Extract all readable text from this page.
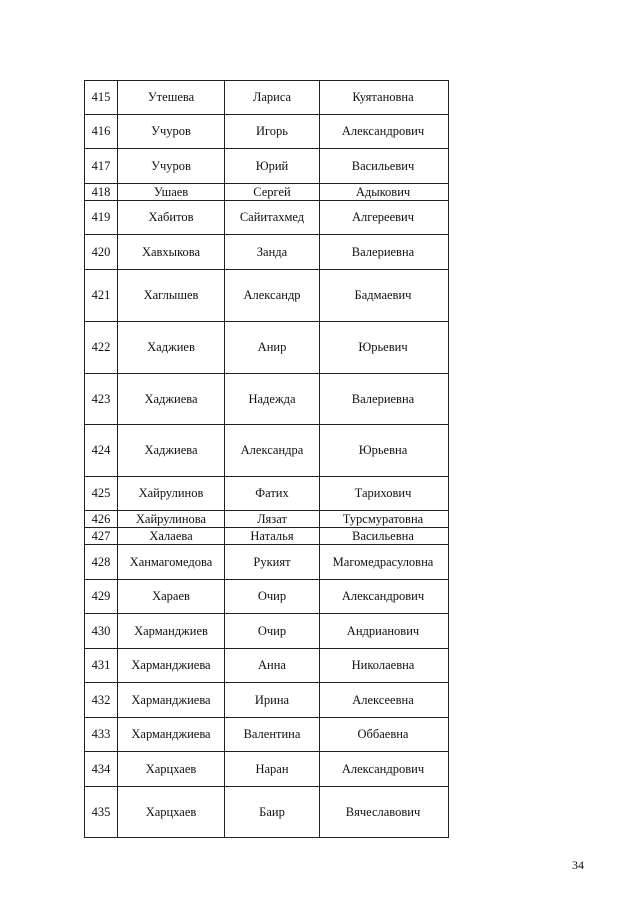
415	Утешева	Лариса	Куятановна
416	Учуров	Игорь	Александрович
417	Учуров	Юрий	Васильевич
418	Ушаев	Сергей	Адыкович
419	Хабитов	Сайитахмед	Алгереевич
420	Хавхыкова	Занда	Валериевна
421	Хаглышев	Александр	Бадмаевич
422	Хаджиев	Анир	Юрьевич
423	Хаджиева	Надежда	Валериевна
424	Хаджиева	Александра	Юрьевна
425	Хайрулинов	Фатих	Тарихович
426	Хайрулинова	Лязат	Турсмуратовна
427	Халаева	Наталья	Васильевна
428	Ханмагомедова	Рукият	Магомедрасуловна
429	Хараев	Очир	Александрович
430	Харманджиев	Очир	Андрианович
431	Харманджиева	Анна	Николаевна
432	Харманджиева	Ирина	Алексеевна
433	Харманджиева	Валентина	Оббаевна
434	Харцхаев	Наран	Александрович
435	Харцхаев	Баир	Вячеславович
34
